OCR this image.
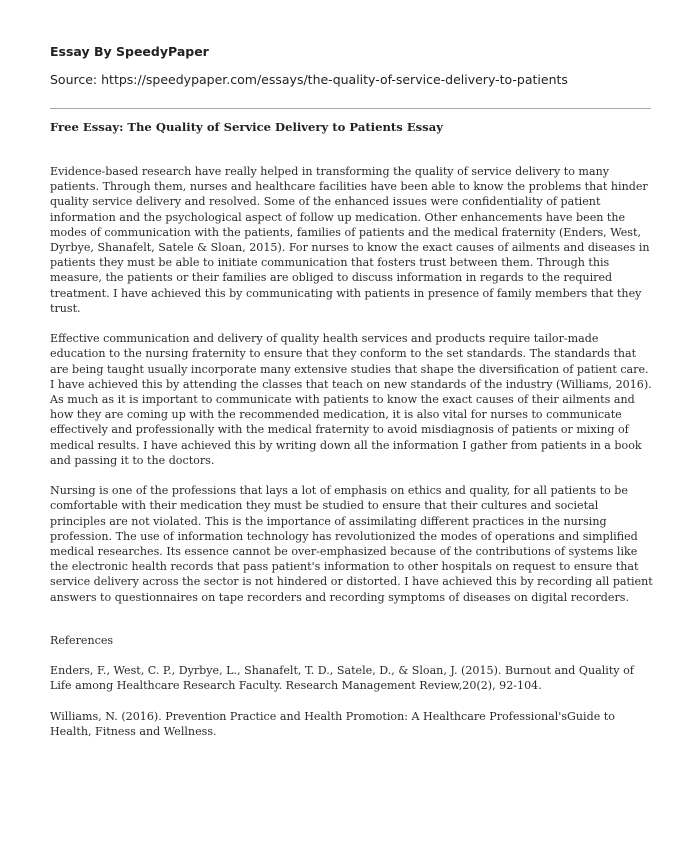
Essay By SpeedyPaper
Source: https://speedypaper.com/essays/the-quality-of-service-delivery-to-patients
Free Essay: The Quality of Service Delivery to Patients Essay

Evidence-based research have really helped in transforming the quality of service delivery to many patients. Through them, nurses and healthcare facilities have been able to know the problems that hinder quality service delivery and resolved. Some of the enhanced issues were confidentiality of patient information and the psychological aspect of follow up medication. Other enhancements have been the modes of communication with the patients, families of patients and the medical fraternity (Enders, West, Dyrbye, Shanafelt, Satele & Sloan, 2015). For nurses to know the exact causes of ailments and diseases in patients they must be able to initiate communication that fosters trust between them. Through this measure, the patients or their families are obliged to discuss information in regards to the required treatment. I have achieved this by communicating with patients in presence of family members that they trust.

Effective communication and delivery of quality health services and products require tailor-made education to the nursing fraternity to ensure that they conform to the set standards. The standards that are being taught usually incorporate many extensive studies that shape the diversification of patient care. I have achieved this by attending the classes that teach on new standards of the industry (Williams, 2016). As much as it is important to communicate with patients to know the exact causes of their ailments and how they are coming up with the recommended medication, it is also vital for nurses to communicate effectively and professionally with the medical fraternity to avoid misdiagnosis of patients or mixing of medical results. I have achieved this by writing down all the information I gather from patients in a book and passing it to the doctors.

Nursing is one of the professions that lays a lot of emphasis on ethics and quality, for all patients to be comfortable with their medication they must be studied to ensure that their cultures and societal principles are not violated. This is the importance of assimilating different practices in the nursing profession. The use of information technology has revolutionized the modes of operations and simplified medical researches. Its essence cannot be over-emphasized because of the contributions of systems like the electronic health records that pass patient's information to other hospitals on request to ensure that service delivery across the sector is not hindered or distorted. I have achieved this by recording all patient answers to questionnaires on tape recorders and recording symptoms of diseases on digital recorders.

References

Enders, F., West, C. P., Dyrbye, L., Shanafelt, T. D., Satele, D., & Sloan, J. (2015). Burnout and Quality of Life among Healthcare Research Faculty. Research Management Review,20(2), 92-104.

Williams, N. (2016). Prevention Practice and Health Promotion: A Healthcare Professional'sGuide to Health, Fitness and Wellness.
